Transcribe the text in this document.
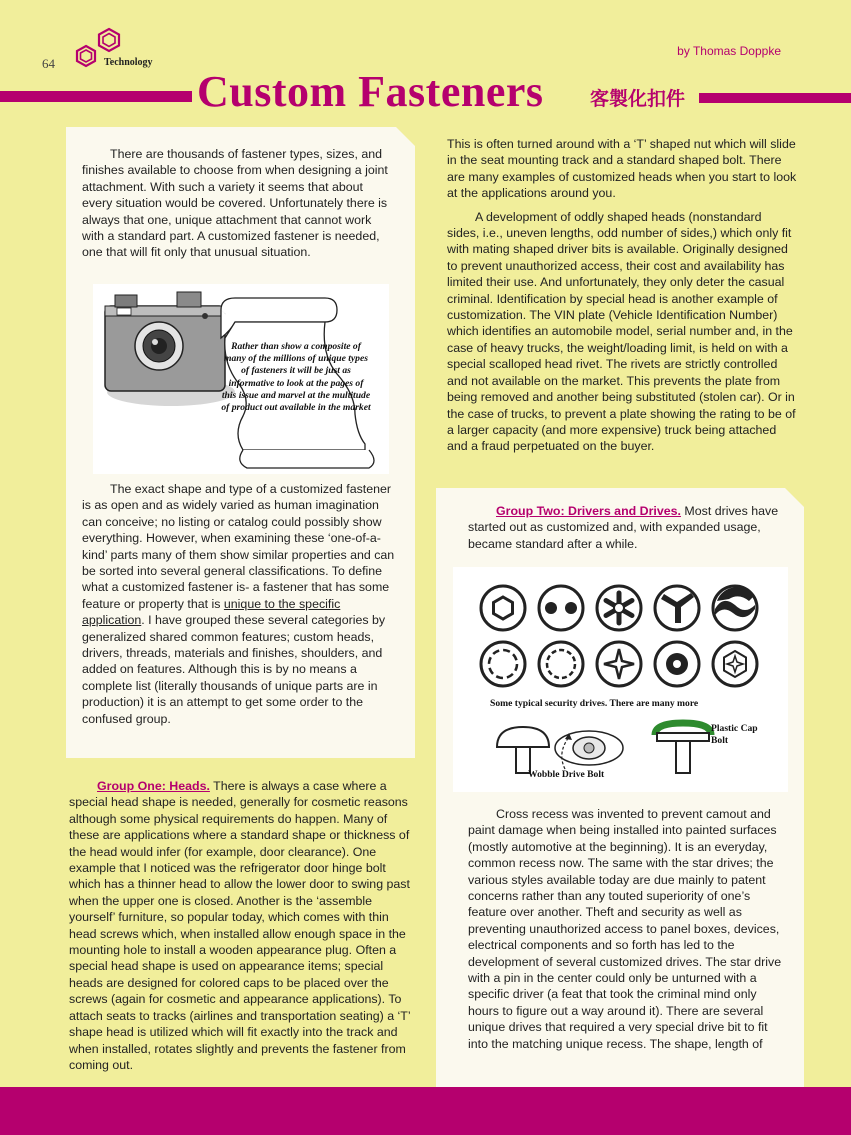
64	Technology
by Thomas Doppke
Custom Fasteners 客製化扣件

There are thousands of fastener types, sizes, and finishes available to choose from when designing a joint attachment. With such a variety it seems that about every situation would be covered. Unfortunately there is always that one, unique attachment that cannot work with a standard part. A customized fastener is needed, one that will fit only that unusual situation.

Rather than show a composite of many of the millions of unique types of fasteners it will be just as informative to look at the pages of this issue and marvel at the multitude of product out available in the market

The exact shape and type of a customized fastener is as open and as widely varied as human imagination can conceive; no listing or catalog could possibly show everything. However, when examining these ‘one-of-a-kind’ parts many of them show similar properties and can be sorted into several general classifications. To define what a customized fastener is- a fastener that has some feature or property that is unique to the specific application. I have grouped these several categories by generalized shared common features; custom heads, drivers, threads, materials and finishes, shoulders, and added on features. Although this is by no means a complete list (literally thousands of unique parts are in production) it is an attempt to get some order to the confused group.

Group One: Heads. There is always a case where a special head shape is needed, generally for cosmetic reasons although some physical requirements do happen. Many of these are applications where a standard shape or thickness of the head would infer (for example, door clearance). One example that I noticed was the refrigerator door hinge bolt which has a thinner head to allow the lower door to swing past when the upper one is closed. Another is the ‘assemble yourself’ furniture, so popular today, which comes with thin head screws which, when installed allow enough space in the mounting hole to install a wooden appearance plug. Often a special head shape is used on appearance items; special heads are designed for colored caps to be placed over the screws (again for cosmetic and appearance applications). To attach seats to tracks (airlines and transportation seating) a ‘T’ shape head is utilized which will fit exactly into the track and when installed, rotates slightly and prevents the fastener from coming out.

This is often turned around with a ‘T’ shaped nut which will slide in the seat mounting track and a standard shaped bolt. There are many examples of customized heads when you start to look at the applications around you.

A development of oddly shaped heads (nonstandard sides, i.e., uneven lengths, odd number of sides,) which only fit with mating shaped driver bits is available. Originally designed to prevent unauthorized access, their cost and availability has limited their use. And unfortunately, they only deter the casual criminal. Identification by special head is another example of customization. The VIN plate (Vehicle Identification Number) which identifies an automobile model, serial number and, in the case of heavy trucks, the weight/loading limit, is held on with a special scalloped head rivet. The rivets are strictly controlled and not available on the market. This prevents the plate from being removed and another being substituted (stolen car). Or in the case of trucks, to prevent a plate showing the rating to be of a larger capacity (and more expensive) truck being attached and a fraud perpetuated on the buyer.

Group Two: Drivers and Drives. Most drives have started out as customized and, with expanded usage, became standard after a while.

Some typical security drives. There are many more
Wobble Drive Bolt
Plastic Cap
Bolt

Cross recess was invented to prevent camout and paint damage when being installed into painted surfaces (mostly automotive at the beginning). It is an everyday, common recess now. The same with the star drives; the various styles available today are due mainly to patent concerns rather than any touted superiority of one’s feature over another. Theft and security as well as preventing unauthorized access to panel boxes, devices, electrical components and so forth has led to the development of several customized drives. The star drive with a pin in the center could only be unturned with a specific driver (a feat that took the criminal mind only hours to figure out a way around it). There are several unique drives that required a very special drive bit to fit into the matching unique recess. The shape, length of
